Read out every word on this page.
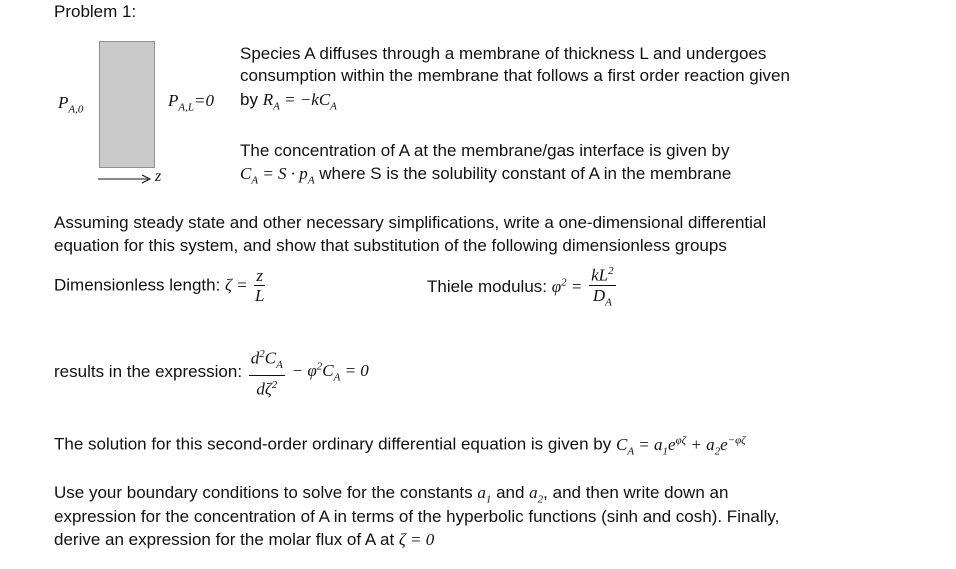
Problem 1:
$P_{A,0}$	$P_{A,L}=0$
z
Species A diffuses through a membrane of thickness L and undergoes
consumption within the membrane that follows a first order reaction given
by $R_A = -kC_A$
The concentration of A at the membrane/gas interface is given by
$C_A = S \cdot p_A$ where S is the solubility constant of A in the membrane
Assuming steady state and other necessary simplifications, write a one-dimensional differential
equation for this system, and show that substitution of the following dimensionless groups
Dimensionless length: $\zeta = \frac{z}{L}$	Thiele modulus: $\varphi^2 = \frac{kL^2}{D_A}$
results in the expression: $\frac{d^2C_A}{d\zeta^2} - \varphi^2C_A = 0$
The solution for this second-order ordinary differential equation is given by $C_A = a_1e^{\varphi\zeta} + a_2e^{-\varphi\zeta}$
Use your boundary conditions to solve for the constants $a_1$ and $a_2$, and then write down an
expression for the concentration of A in terms of the hyperbolic functions (sinh and cosh). Finally,
derive an expression for the molar flux of A at ζ = 0
